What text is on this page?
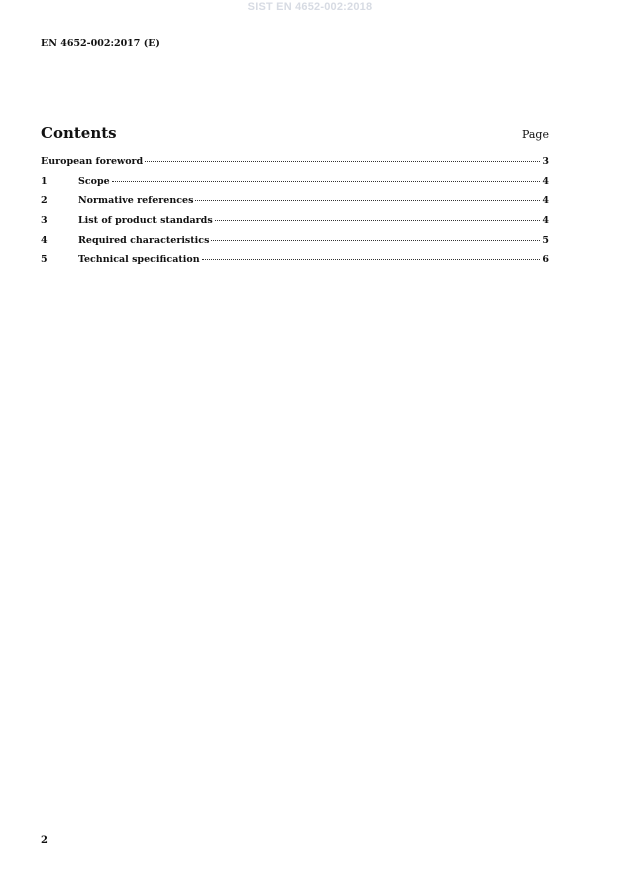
SIST EN 4652-002:2018
EN 4652-002:2017 (E)
Contents	Page
European foreword	3
1	Scope	4
2	Normative references	4
3	List of product standards	4
4	Required characteristics	5
5	Technical specification	6
2
